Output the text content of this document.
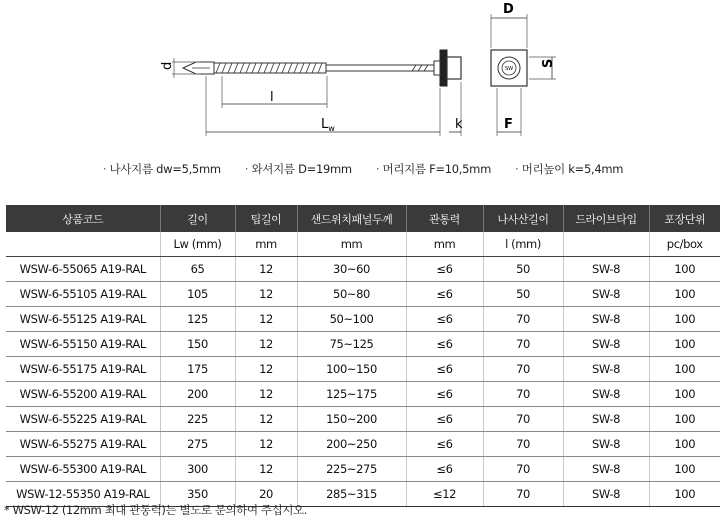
d
l
$L_w$	k
SW
D
S
F
· 나사지름 dw=5,5mm	· 와셔지름 D=19mm	· 머리지름 F=10,5mm	· 머리높이 k=5,4mm
상품코드	길이	팁길이	샌드위치패널두께	관통력	나사산길이	드라이브타입	포장단위
	Lw (mm)	mm	mm	mm	l (mm)		pc/box
WSW-6-55065 A19-RAL	65	12	30~60	≤6	50	SW-8	100
WSW-6-55105 A19-RAL	105	12	50~80	≤6	50	SW-8	100
WSW-6-55125 A19-RAL	125	12	50~100	≤6	70	SW-8	100
WSW-6-55150 A19-RAL	150	12	75~125	≤6	70	SW-8	100
WSW-6-55175 A19-RAL	175	12	100~150	≤6	70	SW-8	100
WSW-6-55200 A19-RAL	200	12	125~175	≤6	70	SW-8	100
WSW-6-55225 A19-RAL	225	12	150~200	≤6	70	SW-8	100
WSW-6-55275 A19-RAL	275	12	200~250	≤6	70	SW-8	100
WSW-6-55300 A19-RAL	300	12	225~275	≤6	70	SW-8	100
WSW-12-55350 A19-RAL	350	20	285~315	≤12	70	SW-8	100
* WSW-12 (12mm 최대 관통력)는 별도로 문의하여 주십시오.
